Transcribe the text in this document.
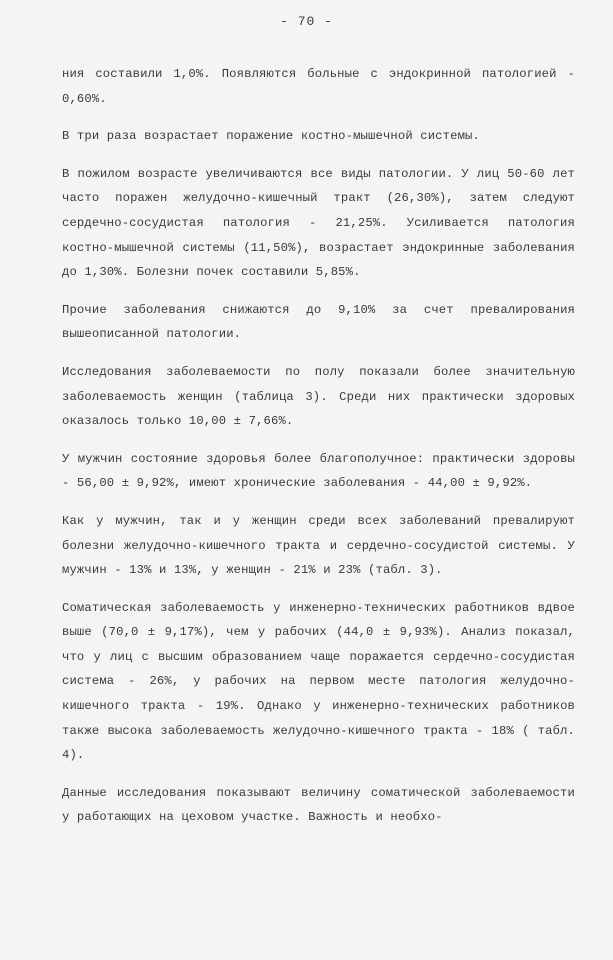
- 70 -

ния составили 1,0%. Появляются больные с эндокринной патологией - 0,60%.

В три раза возрастает поражение костно-мышечной системы.

В пожилом возрасте увеличиваются все виды патологии. У лиц 50-60 лет часто поражен желудочно-кишечный тракт (26,30%), затем следуют сердечно-сосудистая патология - 21,25%. Усиливается патология костно-мышечной системы (11,50%), возрастает эндокринные заболевания до 1,30%. Болезни почек составили 5,85%.

Прочие заболевания снижаются до 9,10% за счет превалирования вышеописанной патологии.

Исследования заболеваемости по полу показали более значительную заболеваемость женщин (таблица 3). Среди них практически здоровых оказалось только 10,00 ± 7,66%.

У мужчин состояние здоровья более благополучное: практически здоровы - 56,00 ± 9,92%, имеют хронические заболевания - 44,00 ± 9,92%.

Как у мужчин, так и у женщин среди всех заболеваний превалируют болезни желудочно-кишечного тракта и сердечно-сосудистой системы. У мужчин - 13% и 13%, у женщин - 21% и 23% (табл. 3).

Соматическая заболеваемость у инженерно-технических работников вдвое выше (70,0 ± 9,17%), чем у рабочих (44,0 ± 9,93%). Анализ показал, что у лиц с высшим образованием чаще поражается сердечно-сосудистая система - 26%, у рабочих на первом месте патология желудочно-кишечного тракта - 19%. Однако у инженерно-технических работников также высока заболеваемость желудочно-кишечного тракта - 18% ( табл. 4).

Данные исследования показывают величину соматической заболеваемости у работающих на цеховом участке. Важность и необхо-
